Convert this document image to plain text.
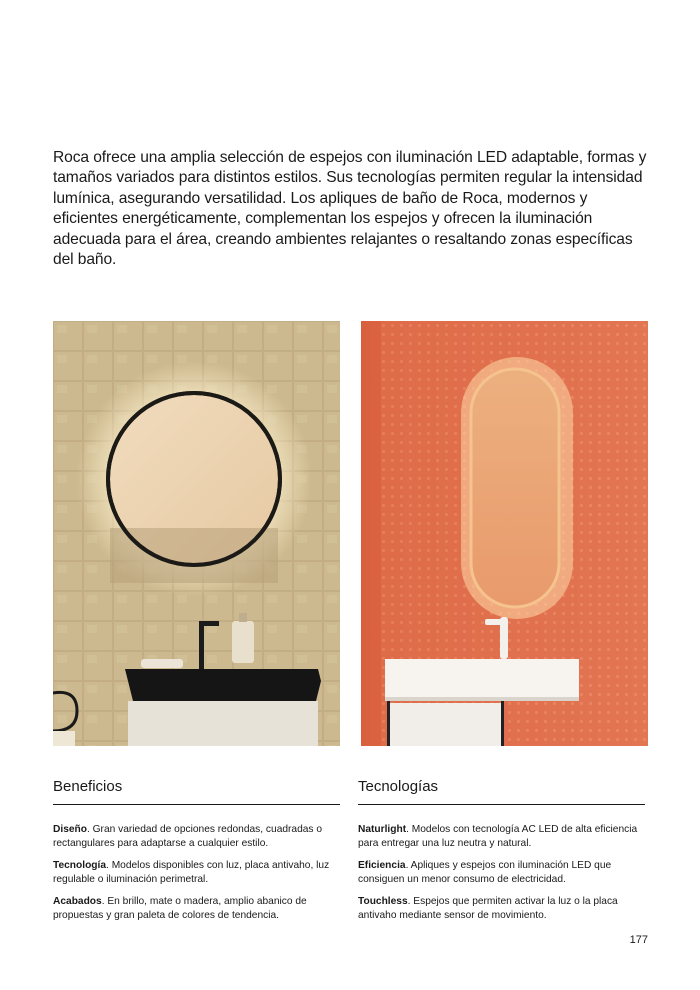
Roca ofrece una amplia selección de espejos con iluminación LED adaptable, formas y tamaños variados para distintos estilos. Sus tecnologías permiten regular la intensidad lumínica, asegurando versatilidad. Los apliques de baño de Roca, modernos y eficientes energéticamente, complementan los espejos y ofrecen la iluminación adecuada para el área, creando ambientes relajantes o resaltando zonas específicas del baño.

Beneficios
Diseño. Gran variedad de opciones redondas, cuadradas o rectangulares para adaptarse a cualquier estilo.
Tecnología. Modelos disponibles con luz, placa antivaho, luz regulable o iluminación perimetral.
Acabados. En brillo, mate o madera, amplio abanico de propuestas y gran paleta de colores de tendencia.
Tecnologías
Naturlight. Modelos con tecnología AC LED de alta eficiencia para entregar una luz neutra y natural.
Eficiencia. Apliques y espejos con iluminación LED que consiguen un menor consumo de electricidad.
Touchless. Espejos que permiten activar la luz o la placa antivaho mediante sensor de movimiento.
177
